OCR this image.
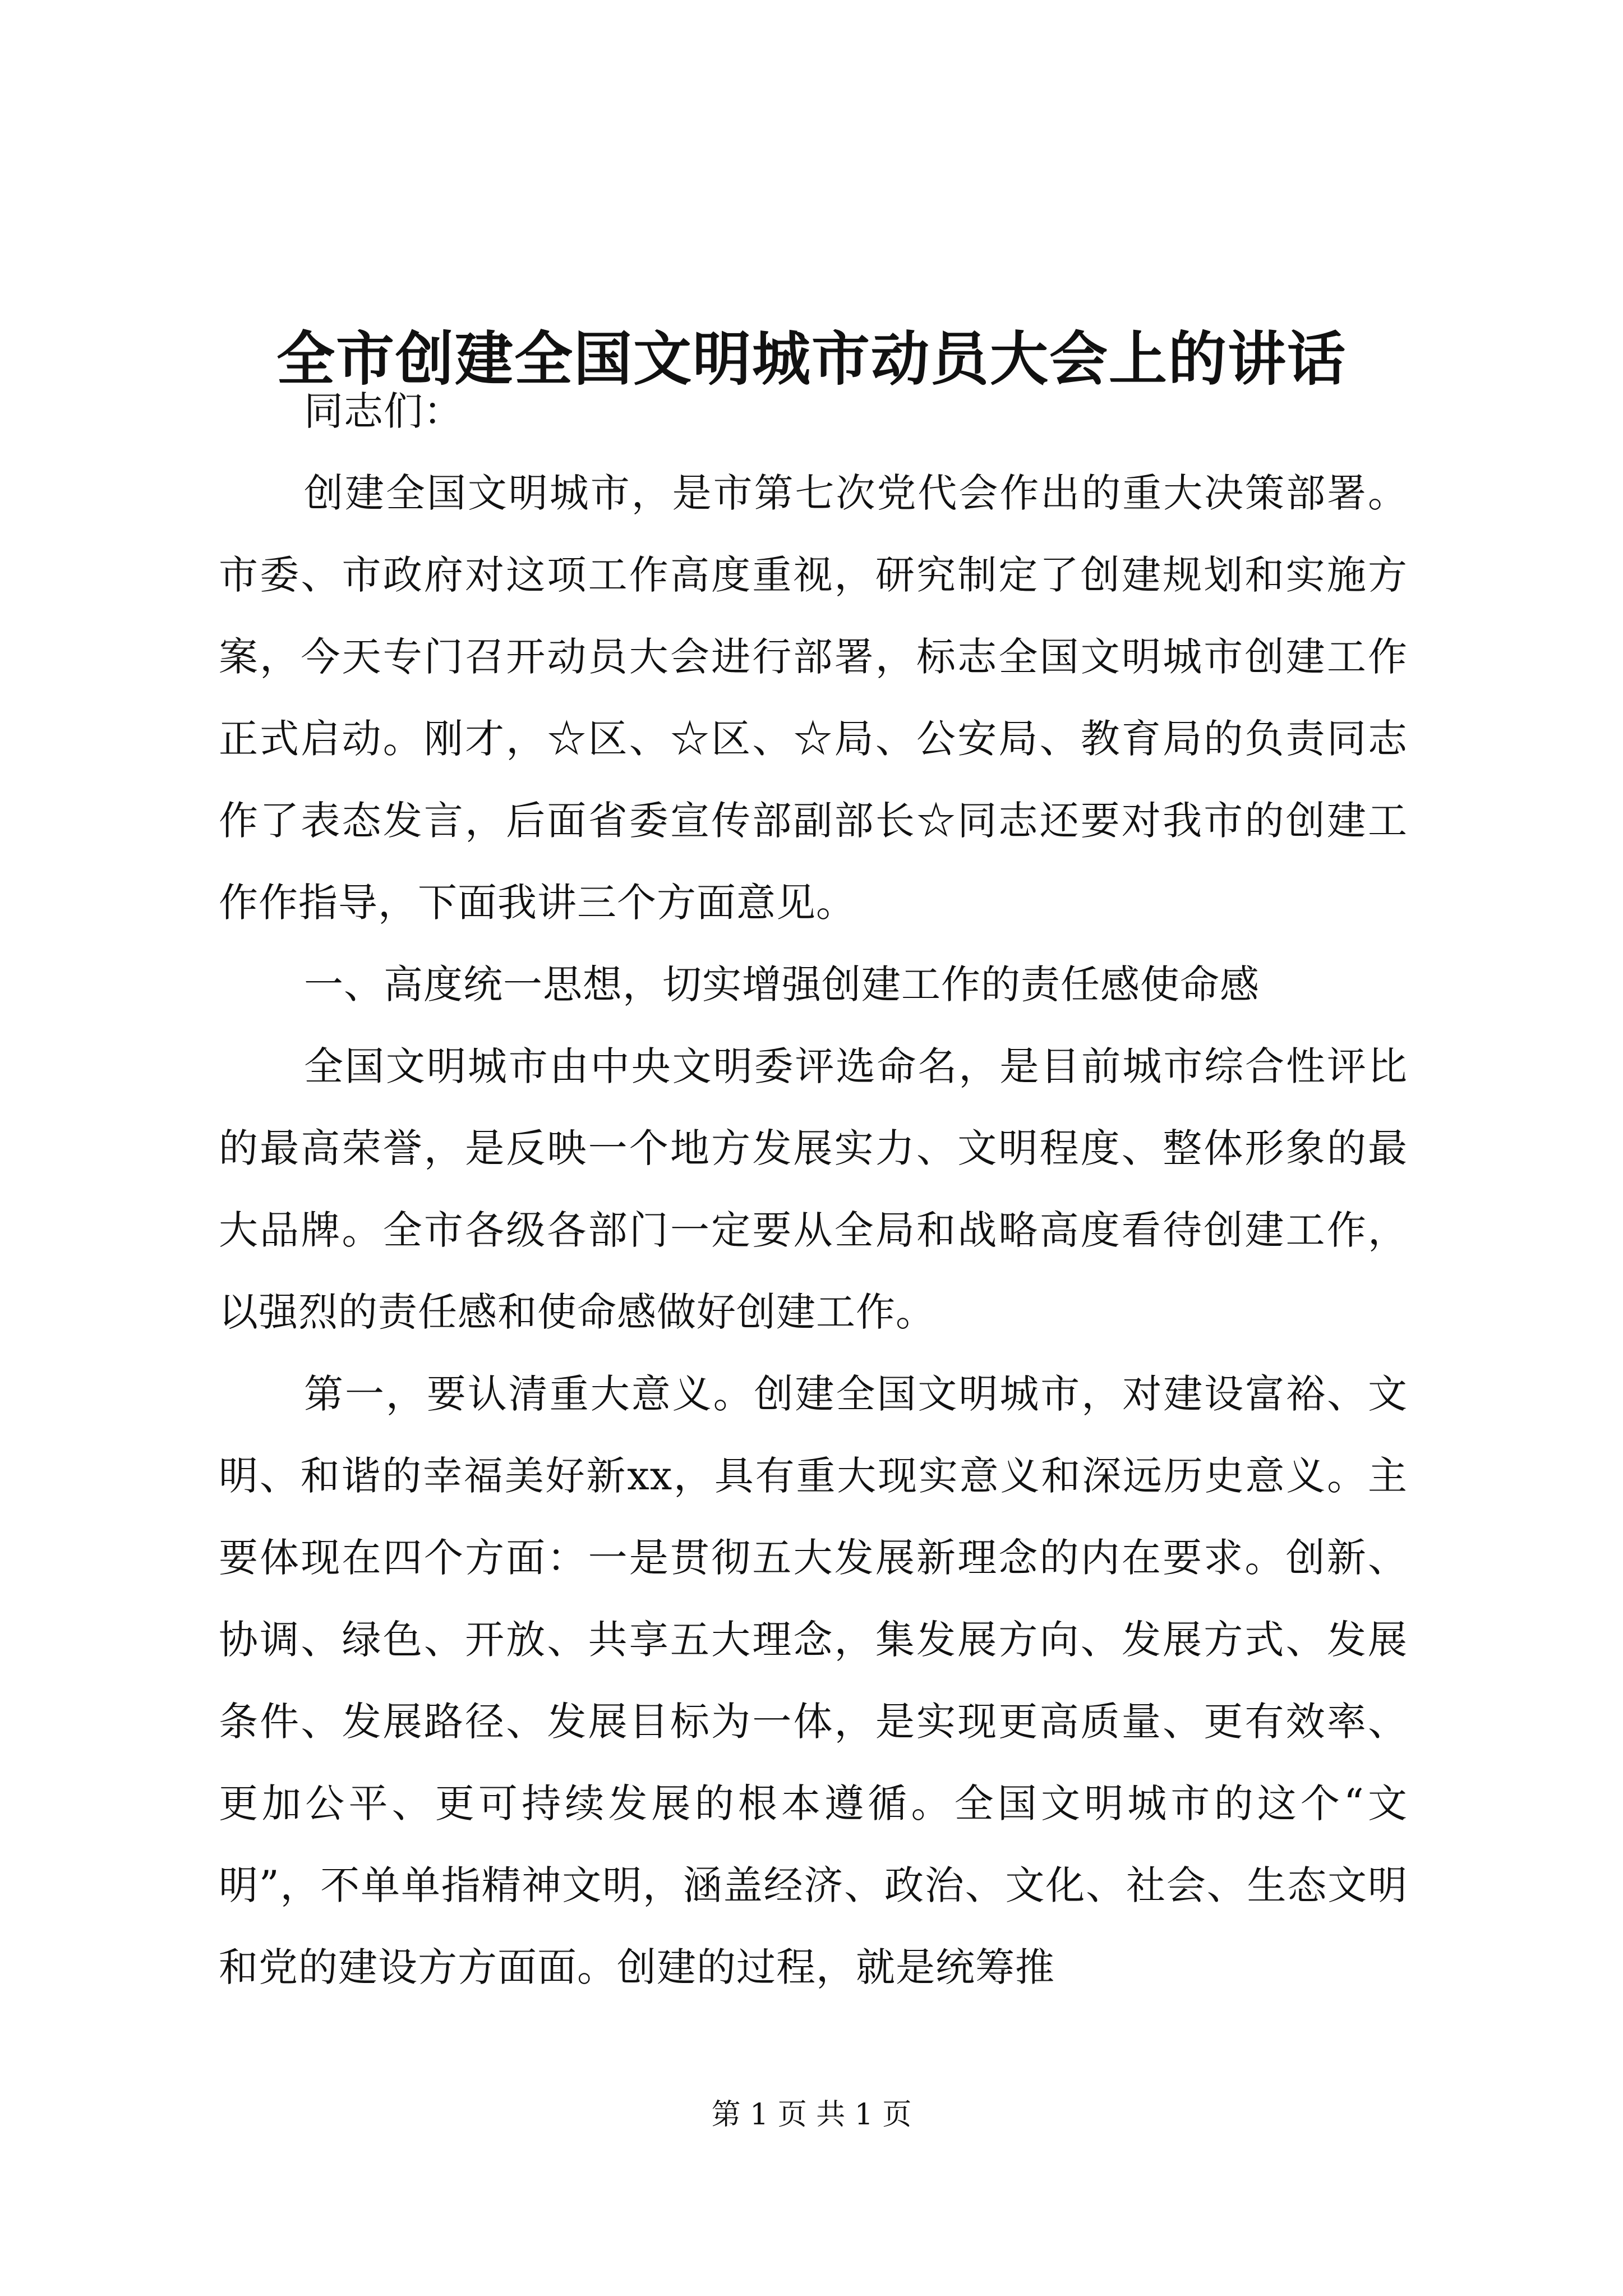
全市创建全国文明城市动员大会上的讲话

同志们：

创建全国文明城市，是市第七次党代会作出的重大决策部署。市委、市政府对这项工作高度重视，研究制定了创建规划和实施方案，今天专门召开动员大会进行部署，标志全国文明城市创建工作正式启动。刚才，☆区、☆区、☆局、公安局、教育局的负责同志作了表态发言，后面省委宣传部副部长☆同志还要对我市的创建工作作指导，下面我讲三个方面意见。

一、高度统一思想，切实增强创建工作的责任感使命感

全国文明城市由中央文明委评选命名，是目前城市综合性评比的最高荣誉，是反映一个地方发展实力、文明程度、整体形象的最大品牌。全市各级各部门一定要从全局和战略高度看待创建工作，以强烈的责任感和使命感做好创建工作。

第一，要认清重大意义。创建全国文明城市，对建设富裕、文明、和谐的幸福美好新xx，具有重大现实意义和深远历史意义。主要体现在四个方面：一是贯彻五大发展新理念的内在要求。创新、协调、绿色、开放、共享五大理念，集发展方向、发展方式、发展条件、发展路径、发展目标为一体，是实现更高质量、更有效率、更加公平、更可持续发展的根本遵循。全国文明城市的这个“文明”，不单单指精神文明，涵盖经济、政治、文化、社会、生态文明和党的建设方方面面。创建的过程，就是统筹推

第 1 页 共 1 页
